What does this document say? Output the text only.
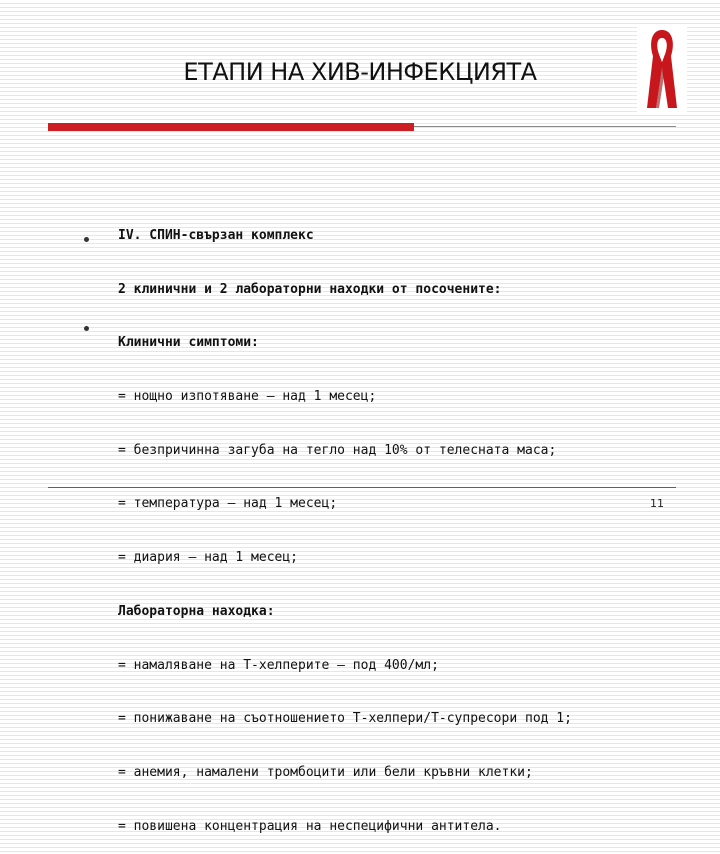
ЕТАПИ НА ХИВ-ИНФЕКЦИЯТА

IV. СПИН-свързан комплекс

2 клинични и 2 лабораторни находки от посочените:

Клинични симптоми:

= нощно изпотяване – над 1 месец;

= безпричинна загуба на тегло над 10% от телесната маса;

= температура – над 1 месец;

= диария – над 1 месец;

Лабораторна находка:

= намаляване на Т-хелперите – под 400/мл;

= понижаване на съотношението Т-хелпери/Т-супресори под 1;

= анемия, намалени тромбоцити или бели кръвни клетки;

= повишена концентрация на неспецифични антитела.

11
